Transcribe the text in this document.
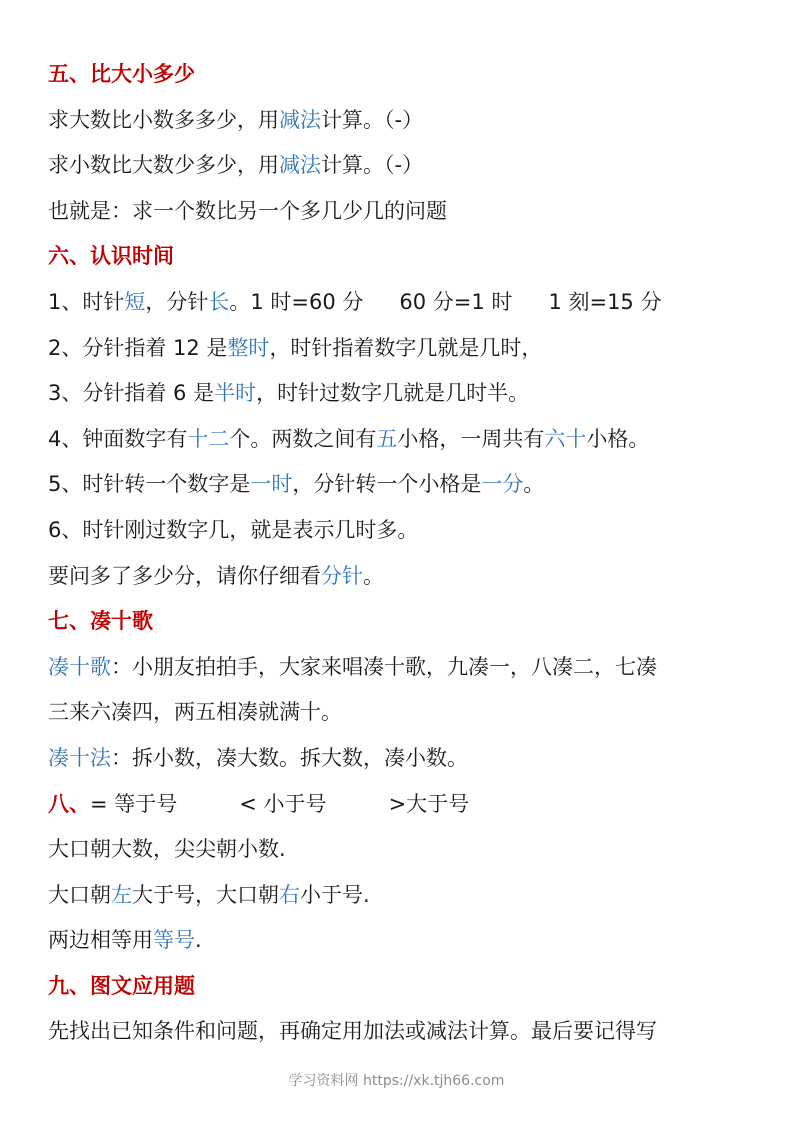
五、比大小多少
求大数比小数多多少，用减法计算。（-）
求小数比大数少多少，用减法计算。（-）
也就是：求一个数比另一个多几少几的问题
六、认识时间
1、时针短，分针长。1 时=60 分 60 分=1 时 1 刻=15 分
2、分针指着 12 是整时，时针指着数字几就是几时，
3、分针指着 6 是半时，时针过数字几就是几时半。
4、钟面数字有十二个。两数之间有五小格，一周共有六十小格。
5、时针转一个数字是一时，分针转一个小格是一分。
6、时针刚过数字几，就是表示几时多。
要问多了多少分，请你仔细看分针。
七、凑十歌
凑十歌：小朋友拍拍手，大家来唱凑十歌，九凑一，八凑二，七凑
三来六凑四，两五相凑就满十。
凑十法：拆小数，凑大数。拆大数，凑小数。
八、= 等于号	< 小于号	>大于号
大口朝大数，尖尖朝小数.
大口朝左大于号，大口朝右小于号.
两边相等用等号.
九、图文应用题
先找出已知条件和问题，再确定用加法或减法计算。最后要记得写
学习资料网 https://xk.tjh66.com
